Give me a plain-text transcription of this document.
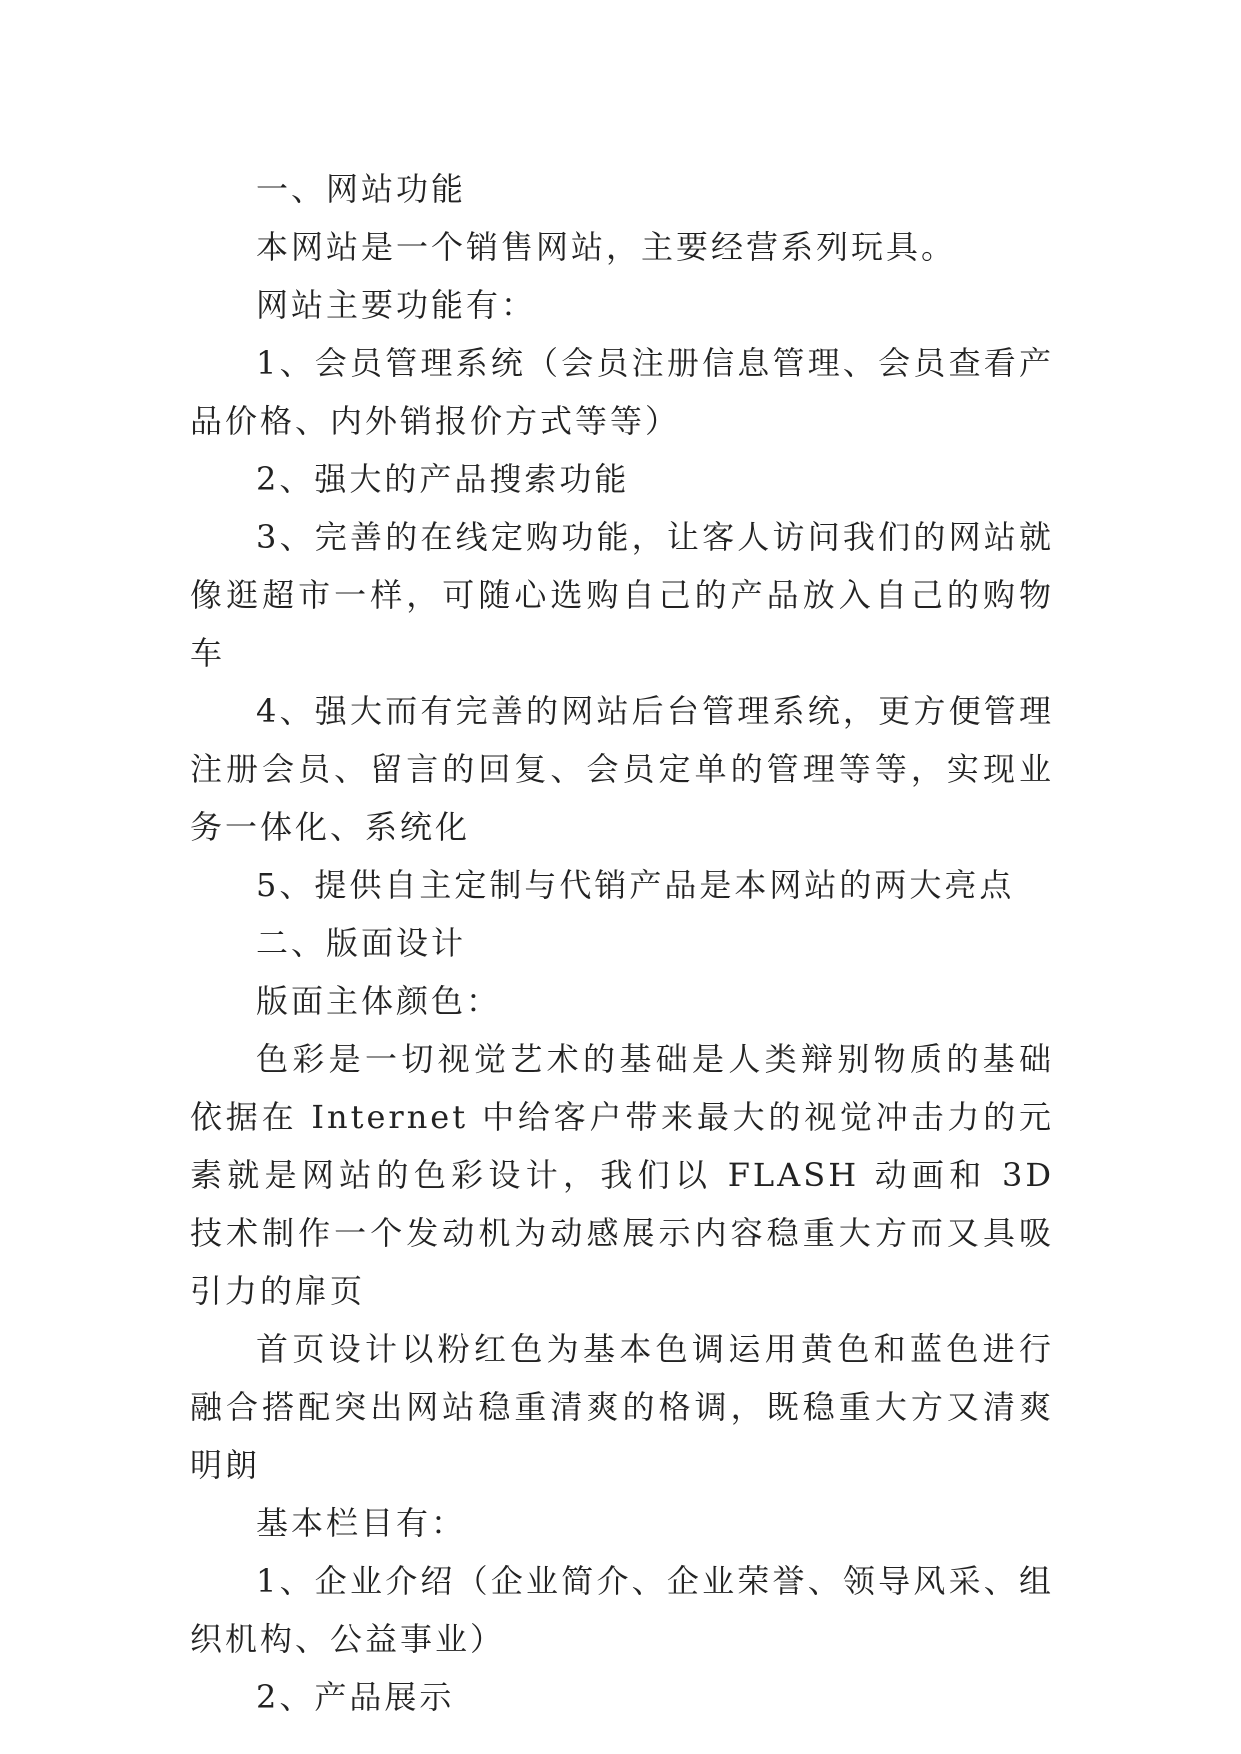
一、网站功能

本网站是一个销售网站，主要经营系列玩具。

网站主要功能有：

1、会员管理系统（会员注册信息管理、会员查看产品价格、内外销报价方式等等）

2、强大的产品搜索功能

3、完善的在线定购功能，让客人访问我们的网站就像逛超市一样，可随心选购自己的产品放入自己的购物车

4、强大而有完善的网站后台管理系统，更方便管理注册会员、留言的回复、会员定单的管理等等，实现业务一体化、系统化

5、提供自主定制与代销产品是本网站的两大亮点

二、版面设计

版面主体颜色：

色彩是一切视觉艺术的基础是人类辩别物质的基础依据在 Internet 中给客户带来最大的视觉冲击力的元素就是网站的色彩设计，我们以 FLASH 动画和 3D 技术制作一个发动机为动感展示内容稳重大方而又具吸引力的扉页

首页设计以粉红色为基本色调运用黄色和蓝色进行融合搭配突出网站稳重清爽的格调，既稳重大方又清爽明朗

基本栏目有：

1、企业介绍（企业简介、企业荣誉、领导风采、组织机构、公益事业）

2、产品展示
